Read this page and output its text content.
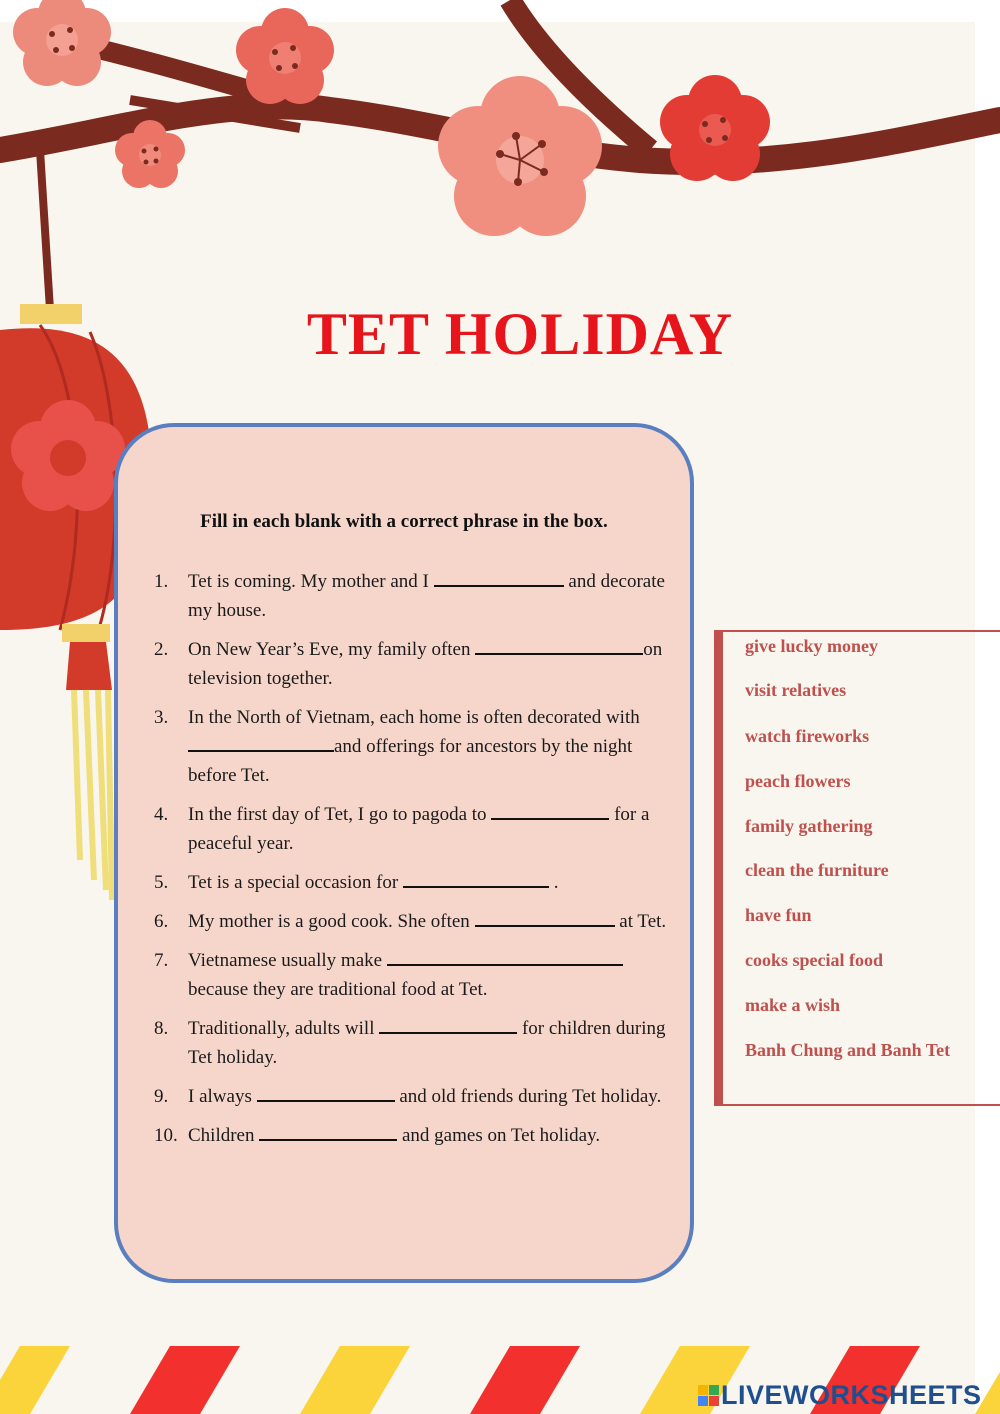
TET HOLIDAY
Fill in each blank with a correct phrase in the box.
1.	Tet is coming. My mother and I	and decorate my house.
2.	On New Year’s Eve, my family often	on television together.
3.	In the North of Vietnam, each home is often decorated with and offerings for ancestors by the night before Tet.
4.	In the first day of Tet, I go to pagoda to	for a peaceful year.
5.	Tet is a special occasion for	.
6.	My mother is a good cook. She often	at Tet.
7.	Vietnamese usually make  because they are traditional food at Tet.
8.	Traditionally, adults will	for children during Tet holiday.
9.	I always	and old friends during Tet holiday.
10. Children	and games on Tet holiday.
give lucky money
visit relatives
watch fireworks
peach flowers
family gathering
clean the furniture
have fun
cooks special food
make a wish
Banh Chung and Banh Tet
LIVEWORKSHEETS
